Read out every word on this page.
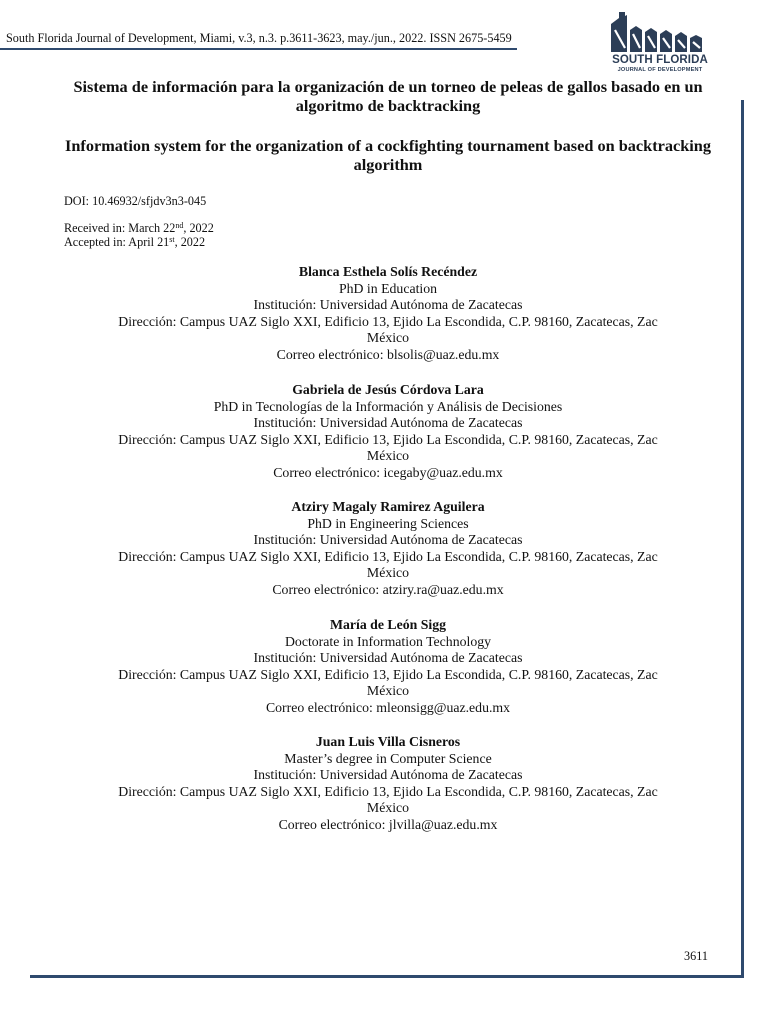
South Florida Journal of Development, Miami, v.3, n.3. p.3611-3623, may./jun., 2022. ISSN 2675-5459
SOUTH FLORIDA
JOURNAL OF DEVELOPMENT
Sistema de información para la organización de un torneo de peleas de gallos basado en un algoritmo de backtracking
Information system for the organization of a cockfighting tournament based on backtracking algorithm
DOI: 10.46932/sfjdv3n3-045
Received in: March 22nd, 2022
Accepted in: April 21st, 2022
Blanca Esthela Solís Recéndez
PhD in Education
Institución: Universidad Autónoma de Zacatecas
Dirección: Campus UAZ Siglo XXI, Edificio 13, Ejido La Escondida, C.P. 98160, Zacatecas, Zac
México
Correo electrónico: blsolis@uaz.edu.mx
Gabriela de Jesús Córdova Lara
PhD in Tecnologías de la Información y Análisis de Decisiones
Institución: Universidad Autónoma de Zacatecas
Dirección: Campus UAZ Siglo XXI, Edificio 13, Ejido La Escondida, C.P. 98160, Zacatecas, Zac
México
Correo electrónico: icegaby@uaz.edu.mx
Atziry Magaly Ramirez Aguilera
PhD in Engineering Sciences
Institución: Universidad Autónoma de Zacatecas
Dirección: Campus UAZ Siglo XXI, Edificio 13, Ejido La Escondida, C.P. 98160, Zacatecas, Zac
México
Correo electrónico: atziry.ra@uaz.edu.mx
María de León Sigg
Doctorate in Information Technology
Institución: Universidad Autónoma de Zacatecas
Dirección: Campus UAZ Siglo XXI, Edificio 13, Ejido La Escondida, C.P. 98160, Zacatecas, Zac
México
Correo electrónico: mleonsigg@uaz.edu.mx
Juan Luis Villa Cisneros
Master’s degree in Computer Science
Institución: Universidad Autónoma de Zacatecas
Dirección: Campus UAZ Siglo XXI, Edificio 13, Ejido La Escondida, C.P. 98160, Zacatecas, Zac
México
Correo electrónico: jlvilla@uaz.edu.mx
3611
